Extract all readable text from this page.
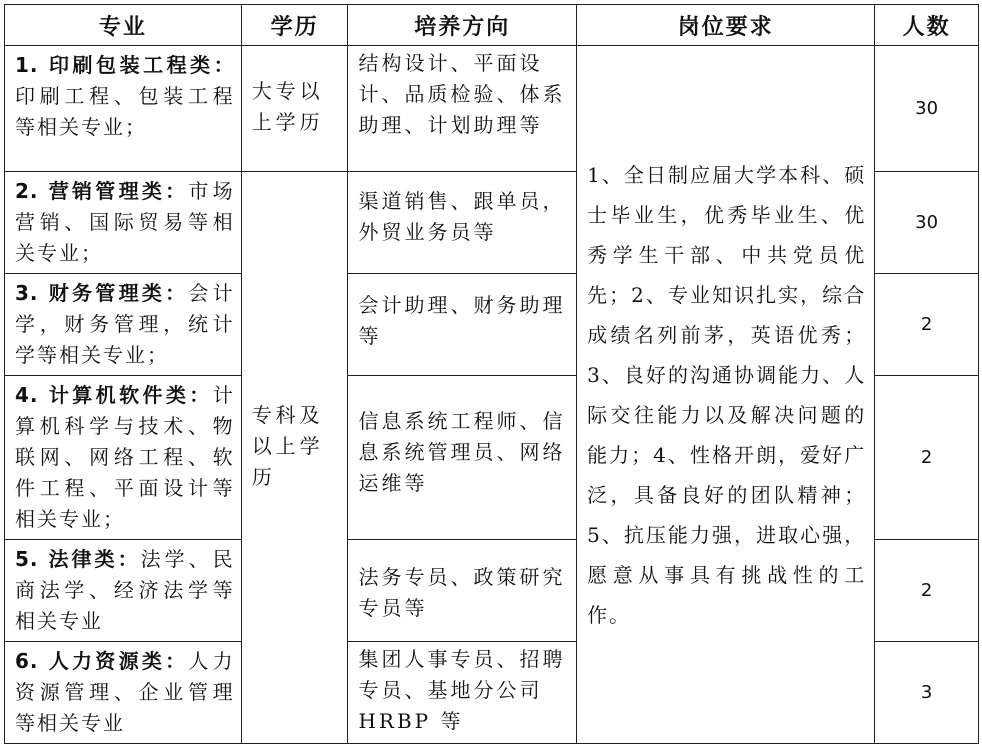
专业	学历	培养方向	岗位要求	人数
1. 印刷包装工程类：印刷工程、包装工程等相关专业；	大专以上学历	结构设计、平面设计、品质检验、体系助理、计划助理等	1、全日制应届大学本科、硕士毕业生，优秀毕业生、优秀学生干部、中共党员优先；2、专业知识扎实，综合成绩名列前茅，英语优秀；3、良好的沟通协调能力、人际交往能力以及解决问题的能力；4、性格开朗，爱好广泛，具备良好的团队精神；5、抗压能力强，进取心强，愿意从事具有挑战性的工作。	30
2. 营销管理类：市场营销、国际贸易等相关专业；	专科及以上学历	渠道销售、跟单员，外贸业务员等		30
3. 财务管理类：会计学，财务管理，统计学等相关专业；		会计助理、财务助理等		2
4. 计算机软件类：计算机科学与技术、物联网、网络工程、软件工程、平面设计等相关专业；		信息系统工程师、信息系统管理员、网络运维等		2
5. 法律类：法学、民商法学、经济法学等相关专业		法务专员、政策研究专员等		2
6. 人力资源类：人力资源管理、企业管理等相关专业		集团人事专员、招聘专员、基地分公司 HRBP 等		3
